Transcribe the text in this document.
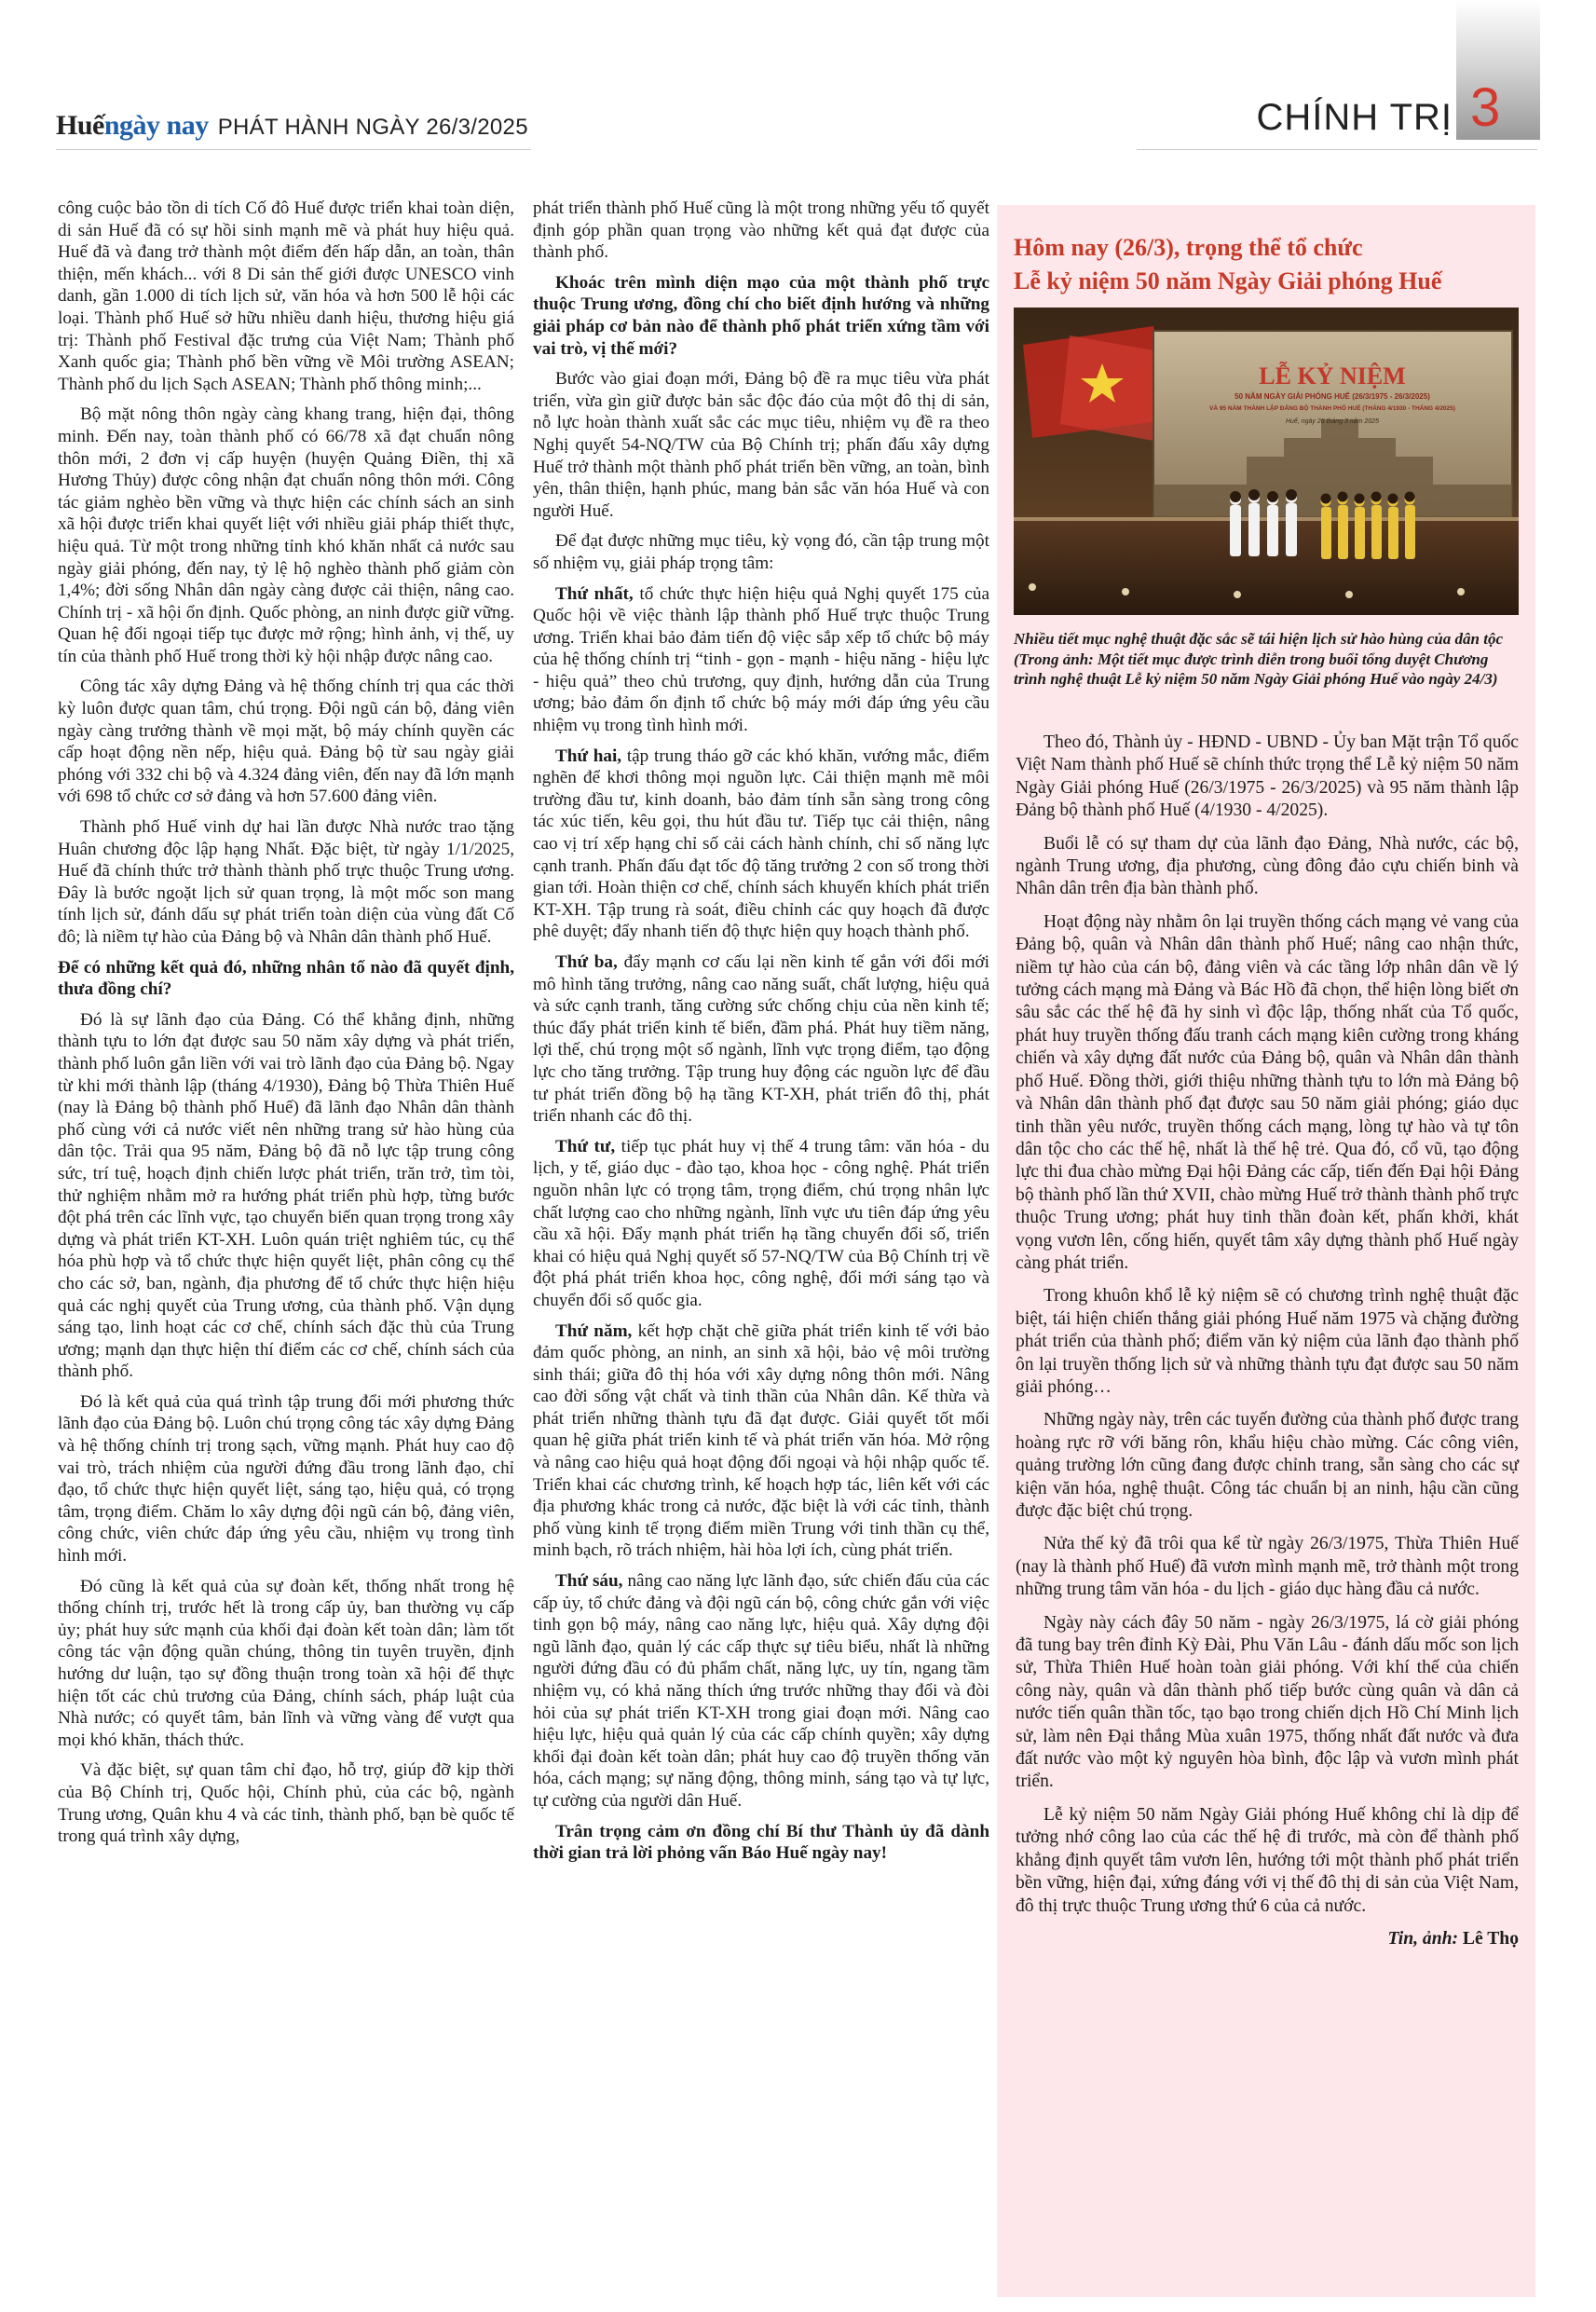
Huế ngày nay PHÁT HÀNH NGÀY 26/3/2025	CHÍNH TRỊ 3

công cuộc bảo tồn di tích Cố đô Huế được triển khai toàn diện, di sản Huế đã có sự hồi sinh mạnh mẽ và phát huy hiệu quả. Huế đã và đang trở thành một điểm đến hấp dẫn, an toàn, thân thiện, mến khách... với 8 Di sản thế giới được UNESCO vinh danh, gần 1.000 di tích lịch sử, văn hóa và hơn 500 lễ hội các loại. Thành phố Huế sở hữu nhiều danh hiệu, thương hiệu giá trị: Thành phố Festival đặc trưng của Việt Nam; Thành phố Xanh quốc gia; Thành phố bền vững về Môi trường ASEAN; Thành phố du lịch Sạch ASEAN; Thành phố thông minh;...

Bộ mặt nông thôn ngày càng khang trang, hiện đại, thông minh. Đến nay, toàn thành phố có 66/78 xã đạt chuẩn nông thôn mới, 2 đơn vị cấp huyện (huyện Quảng Điền, thị xã Hương Thủy) được công nhận đạt chuẩn nông thôn mới. Công tác giảm nghèo bền vững và thực hiện các chính sách an sinh xã hội được triển khai quyết liệt với nhiều giải pháp thiết thực, hiệu quả. Từ một trong những tỉnh khó khăn nhất cả nước sau ngày giải phóng, đến nay, tỷ lệ hộ nghèo thành phố giảm còn 1,4%; đời sống Nhân dân ngày càng được cải thiện, nâng cao. Chính trị - xã hội ổn định. Quốc phòng, an ninh được giữ vững. Quan hệ đối ngoại tiếp tục được mở rộng; hình ảnh, vị thế, uy tín của thành phố Huế trong thời kỳ hội nhập được nâng cao.

Công tác xây dựng Đảng và hệ thống chính trị qua các thời kỳ luôn được quan tâm, chú trọng. Đội ngũ cán bộ, đảng viên ngày càng trưởng thành về mọi mặt, bộ máy chính quyền các cấp hoạt động nền nếp, hiệu quả. Đảng bộ từ sau ngày giải phóng với 332 chi bộ và 4.324 đảng viên, đến nay đã lớn mạnh với 698 tổ chức cơ sở đảng và hơn 57.600 đảng viên.

Thành phố Huế vinh dự hai lần được Nhà nước trao tặng Huân chương độc lập hạng Nhất. Đặc biệt, từ ngày 1/1/2025, Huế đã chính thức trở thành thành phố trực thuộc Trung ương. Đây là bước ngoặt lịch sử quan trọng, là một mốc son mang tính lịch sử, đánh dấu sự phát triển toàn diện của vùng đất Cố đô; là niềm tự hào của Đảng bộ và Nhân dân thành phố Huế.

Để có những kết quả đó, những nhân tố nào đã quyết định, thưa đồng chí?

Đó là sự lãnh đạo của Đảng. Có thể khẳng định, những thành tựu to lớn đạt được sau 50 năm xây dựng và phát triển, thành phố luôn gắn liền với vai trò lãnh đạo của Đảng bộ. Ngay từ khi mới thành lập (tháng 4/1930), Đảng bộ Thừa Thiên Huế (nay là Đảng bộ thành phố Huế) đã lãnh đạo Nhân dân thành phố cùng với cả nước viết nên những trang sử hào hùng của dân tộc. Trải qua 95 năm, Đảng bộ đã nỗ lực tập trung công sức, trí tuệ, hoạch định chiến lược phát triển, trăn trở, tìm tòi, thử nghiệm nhằm mở ra hướng phát triển phù hợp, từng bước đột phá trên các lĩnh vực, tạo chuyển biến quan trọng trong xây dựng và phát triển KT-XH. Luôn quán triệt nghiêm túc, cụ thể hóa phù hợp và tổ chức thực hiện quyết liệt, phân công cụ thể cho các sở, ban, ngành, địa phương để tổ chức thực hiện hiệu quả các nghị quyết của Trung ương, của thành phố. Vận dụng sáng tạo, linh hoạt các cơ chế, chính sách đặc thù của Trung ương; mạnh dạn thực hiện thí điểm các cơ chế, chính sách của thành phố.

Đó là kết quả của quá trình tập trung đổi mới phương thức lãnh đạo của Đảng bộ. Luôn chú trọng công tác xây dựng Đảng và hệ thống chính trị trong sạch, vững mạnh. Phát huy cao độ vai trò, trách nhiệm của người đứng đầu trong lãnh đạo, chỉ đạo, tổ chức thực hiện quyết liệt, sáng tạo, hiệu quả, có trọng tâm, trọng điểm. Chăm lo xây dựng đội ngũ cán bộ, đảng viên, công chức, viên chức đáp ứng yêu cầu, nhiệm vụ trong tình hình mới.

Đó cũng là kết quả của sự đoàn kết, thống nhất trong hệ thống chính trị, trước hết là trong cấp ủy, ban thường vụ cấp ủy; phát huy sức mạnh của khối đại đoàn kết toàn dân; làm tốt công tác vận động quần chúng, thông tin tuyên truyền, định hướng dư luận, tạo sự đồng thuận trong toàn xã hội để thực hiện tốt các chủ trương của Đảng, chính sách, pháp luật của Nhà nước; có quyết tâm, bản lĩnh và vững vàng để vượt qua mọi khó khăn, thách thức.

Và đặc biệt, sự quan tâm chỉ đạo, hỗ trợ, giúp đỡ kịp thời của Bộ Chính trị, Quốc hội, Chính phủ, của các bộ, ngành Trung ương, Quân khu 4 và các tỉnh, thành phố, bạn bè quốc tế trong quá trình xây dựng,

phát triển thành phố Huế cũng là một trong những yếu tố quyết định góp phần quan trọng vào những kết quả đạt được của thành phố.

Khoác trên mình diện mạo của một thành phố trực thuộc Trung ương, đồng chí cho biết định hướng và những giải pháp cơ bản nào để thành phố phát triển xứng tầm với vai trò, vị thế mới?

Bước vào giai đoạn mới, Đảng bộ đề ra mục tiêu vừa phát triển, vừa gìn giữ được bản sắc độc đáo của một đô thị di sản, nỗ lực hoàn thành xuất sắc các mục tiêu, nhiệm vụ đề ra theo Nghị quyết 54-NQ/TW của Bộ Chính trị; phấn đấu xây dựng Huế trở thành một thành phố phát triển bền vững, an toàn, bình yên, thân thiện, hạnh phúc, mang bản sắc văn hóa Huế và con người Huế.

Để đạt được những mục tiêu, kỳ vọng đó, cần tập trung một số nhiệm vụ, giải pháp trọng tâm:

Thứ nhất, tổ chức thực hiện hiệu quả Nghị quyết 175 của Quốc hội về việc thành lập thành phố Huế trực thuộc Trung ương. Triển khai bảo đảm tiến độ việc sắp xếp tổ chức bộ máy của hệ thống chính trị “tinh - gọn - mạnh - hiệu năng - hiệu lực - hiệu quả” theo chủ trương, quy định, hướng dẫn của Trung ương; bảo đảm ổn định tổ chức bộ máy mới đáp ứng yêu cầu nhiệm vụ trong tình hình mới.

Thứ hai, tập trung tháo gỡ các khó khăn, vướng mắc, điểm nghẽn để khơi thông mọi nguồn lực. Cải thiện mạnh mẽ môi trường đầu tư, kinh doanh, bảo đảm tính sẵn sàng trong công tác xúc tiến, kêu gọi, thu hút đầu tư. Tiếp tục cải thiện, nâng cao vị trí xếp hạng chỉ số cải cách hành chính, chỉ số năng lực cạnh tranh. Phấn đấu đạt tốc độ tăng trưởng 2 con số trong thời gian tới. Hoàn thiện cơ chế, chính sách khuyến khích phát triển KT-XH. Tập trung rà soát, điều chỉnh các quy hoạch đã được phê duyệt; đẩy nhanh tiến độ thực hiện quy hoạch thành phố.

Thứ ba, đẩy mạnh cơ cấu lại nền kinh tế gắn với đổi mới mô hình tăng trưởng, nâng cao năng suất, chất lượng, hiệu quả và sức cạnh tranh, tăng cường sức chống chịu của nền kinh tế; thúc đẩy phát triển kinh tế biển, đầm phá. Phát huy tiềm năng, lợi thế, chú trọng một số ngành, lĩnh vực trọng điểm, tạo động lực cho tăng trưởng. Tập trung huy động các nguồn lực để đầu tư phát triển đồng bộ hạ tầng KT-XH, phát triển đô thị, phát triển nhanh các đô thị.

Thứ tư, tiếp tục phát huy vị thế 4 trung tâm: văn hóa - du lịch, y tế, giáo dục - đào tạo, khoa học - công nghệ. Phát triển nguồn nhân lực có trọng tâm, trọng điểm, chú trọng nhân lực chất lượng cao cho những ngành, lĩnh vực ưu tiên đáp ứng yêu cầu xã hội. Đẩy mạnh phát triển hạ tầng chuyển đổi số, triển khai có hiệu quả Nghị quyết số 57-NQ/TW của Bộ Chính trị về đột phá phát triển khoa học, công nghệ, đổi mới sáng tạo và chuyển đổi số quốc gia.

Thứ năm, kết hợp chặt chẽ giữa phát triển kinh tế với bảo đảm quốc phòng, an ninh, an sinh xã hội, bảo vệ môi trường sinh thái; giữa đô thị hóa với xây dựng nông thôn mới. Nâng cao đời sống vật chất và tinh thần của Nhân dân. Kế thừa và phát triển những thành tựu đã đạt được. Giải quyết tốt mối quan hệ giữa phát triển kinh tế và phát triển văn hóa. Mở rộng và nâng cao hiệu quả hoạt động đối ngoại và hội nhập quốc tế. Triển khai các chương trình, kế hoạch hợp tác, liên kết với các địa phương khác trong cả nước, đặc biệt là với các tỉnh, thành phố vùng kinh tế trọng điểm miền Trung với tinh thần cụ thể, minh bạch, rõ trách nhiệm, hài hòa lợi ích, cùng phát triển.

Thứ sáu, nâng cao năng lực lãnh đạo, sức chiến đấu của các cấp ủy, tổ chức đảng và đội ngũ cán bộ, công chức gắn với việc tinh gọn bộ máy, nâng cao năng lực, hiệu quả. Xây dựng đội ngũ lãnh đạo, quản lý các cấp thực sự tiêu biểu, nhất là những người đứng đầu có đủ phẩm chất, năng lực, uy tín, ngang tầm nhiệm vụ, có khả năng thích ứng trước những thay đổi và đòi hỏi của sự phát triển KT-XH trong giai đoạn mới. Nâng cao hiệu lực, hiệu quả quản lý của các cấp chính quyền; xây dựng khối đại đoàn kết toàn dân; phát huy cao độ truyền thống văn hóa, cách mạng; sự năng động, thông minh, sáng tạo và tự lực, tự cường của người dân Huế.

Trân trọng cảm ơn đồng chí Bí thư Thành ủy đã dành thời gian trả lời phỏng vấn Báo Huế ngày nay!

Hôm nay (26/3), trọng thể tổ chức
Lễ kỷ niệm 50 năm Ngày Giải phóng Huế
LỄ KỶ NIỆM
50 NĂM NGÀY GIẢI PHÓNG HUẾ (26/3/1975 - 26/3/2025)
VÀ 95 NĂM THÀNH LẬP ĐẢNG BỘ THÀNH PHỐ HUẾ (THÁNG 4/1930 - THÁNG 4/2025)
Huế, ngày 26 tháng 3 năm 2025
Nhiều tiết mục nghệ thuật đặc sắc sẽ tái hiện lịch sử hào hùng của dân tộc (Trong ảnh: Một tiết mục được trình diễn trong buổi tổng duyệt Chương trình nghệ thuật Lễ kỷ niệm 50 năm Ngày Giải phóng Huế vào ngày 24/3)

Theo đó, Thành ủy - HĐND - UBND - Ủy ban Mặt trận Tổ quốc Việt Nam thành phố Huế sẽ chính thức trọng thể Lễ kỷ niệm 50 năm Ngày Giải phóng Huế (26/3/1975 - 26/3/2025) và 95 năm thành lập Đảng bộ thành phố Huế (4/1930 - 4/2025).

Buổi lễ có sự tham dự của lãnh đạo Đảng, Nhà nước, các bộ, ngành Trung ương, địa phương, cùng đông đảo cựu chiến binh và Nhân dân trên địa bàn thành phố.

Hoạt động này nhằm ôn lại truyền thống cách mạng vẻ vang của Đảng bộ, quân và Nhân dân thành phố Huế; nâng cao nhận thức, niềm tự hào của cán bộ, đảng viên và các tầng lớp nhân dân về lý tưởng cách mạng mà Đảng và Bác Hồ đã chọn, thể hiện lòng biết ơn sâu sắc các thế hệ đã hy sinh vì độc lập, thống nhất của Tổ quốc, phát huy truyền thống đấu tranh cách mạng kiên cường trong kháng chiến và xây dựng đất nước của Đảng bộ, quân và Nhân dân thành phố Huế. Đồng thời, giới thiệu những thành tựu to lớn mà Đảng bộ và Nhân dân thành phố đạt được sau 50 năm giải phóng; giáo dục tinh thần yêu nước, truyền thống cách mạng, lòng tự hào và tự tôn dân tộc cho các thế hệ, nhất là thế hệ trẻ. Qua đó, cổ vũ, tạo động lực thi đua chào mừng Đại hội Đảng các cấp, tiến đến Đại hội Đảng bộ thành phố lần thứ XVII, chào mừng Huế trở thành thành phố trực thuộc Trung ương; phát huy tinh thần đoàn kết, phấn khởi, khát vọng vươn lên, cống hiến, quyết tâm xây dựng thành phố Huế ngày càng phát triển.

Trong khuôn khổ lễ kỷ niệm sẽ có chương trình nghệ thuật đặc biệt, tái hiện chiến thắng giải phóng Huế năm 1975 và chặng đường phát triển của thành phố; điểm văn kỷ niệm của lãnh đạo thành phố ôn lại truyền thống lịch sử và những thành tựu đạt được sau 50 năm giải phóng…

Những ngày này, trên các tuyến đường của thành phố được trang hoàng rực rỡ với băng rôn, khẩu hiệu chào mừng. Các công viên, quảng trường lớn cũng đang được chỉnh trang, sẵn sàng cho các sự kiện văn hóa, nghệ thuật. Công tác chuẩn bị an ninh, hậu cần cũng được đặc biệt chú trọng.

Nửa thế kỷ đã trôi qua kể từ ngày 26/3/1975, Thừa Thiên Huế (nay là thành phố Huế) đã vươn mình mạnh mẽ, trở thành một trong những trung tâm văn hóa - du lịch - giáo dục hàng đầu cả nước.

Ngày này cách đây 50 năm - ngày 26/3/1975, lá cờ giải phóng đã tung bay trên đỉnh Kỳ Đài, Phu Văn Lâu - đánh dấu mốc son lịch sử, Thừa Thiên Huế hoàn toàn giải phóng. Với khí thế của chiến công này, quân và dân thành phố tiếp bước cùng quân và dân cả nước tiến quân thần tốc, tạo bạo trong chiến dịch Hồ Chí Minh lịch sử, làm nên Đại thắng Mùa xuân 1975, thống nhất đất nước và đưa đất nước vào một kỷ nguyên hòa bình, độc lập và vươn mình phát triển.

Lễ kỷ niệm 50 năm Ngày Giải phóng Huế không chỉ là dịp để tưởng nhớ công lao của các thế hệ đi trước, mà còn để thành phố khẳng định quyết tâm vươn lên, hướng tới một thành phố phát triển bền vững, hiện đại, xứng đáng với vị thế đô thị di sản của Việt Nam, đô thị trực thuộc Trung ương thứ 6 của cả nước.

Tin, ảnh: Lê Thọ
